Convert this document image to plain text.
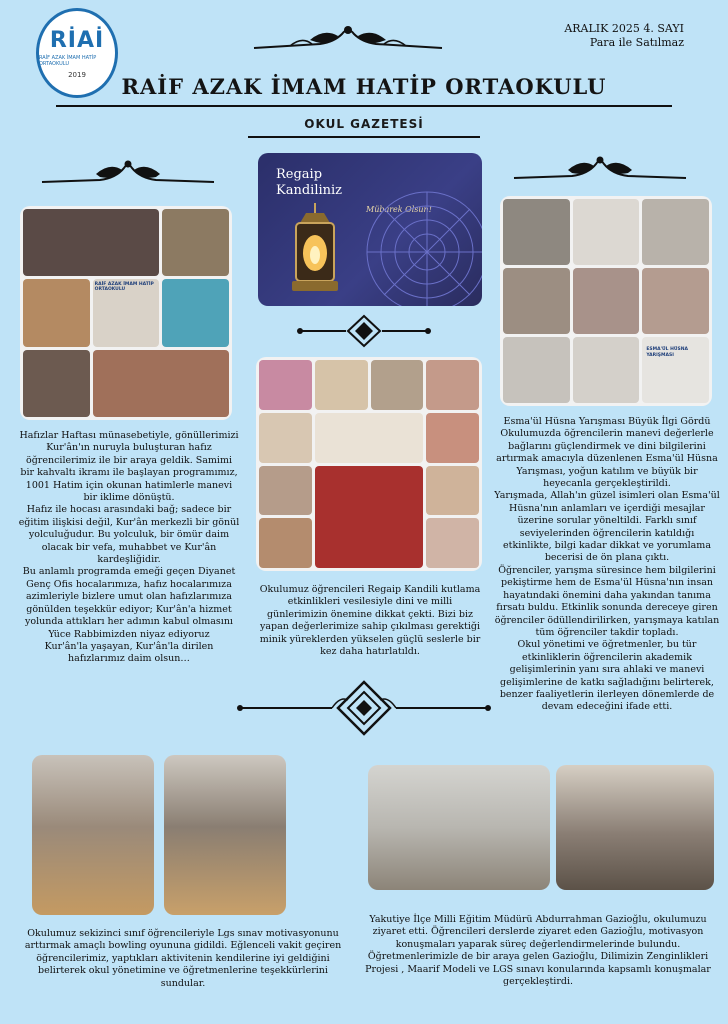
RİAİ
RAİF AZAK İMAM HATİP ORTAOKULU
2019
ARALIK 2025 4. SAYI
Para ile Satılmaz
RAİF AZAK İMAM HATİP ORTAOKULU
OKUL GAZETESİ
RAİF AZAK İMAM HATİP ORTAOKULU
Regaip
Kandiliniz
Mübarek Olsun!
ESMA'ÜL HÜSNA YARIŞMASI

Hafızlar Haftası münasebetiyle, gönüllerimizi Kur'ân'ın nuruyla buluşturan hafız öğrencilerimiz ile bir araya geldik. Samimi bir kahvaltı ikramı ile başlayan programımız, 1001 Hatim için okunan hatimlerle manevi bir iklime dönüştü.

Hafız ile hocası arasındaki bağ; sadece bir eğitim ilişkisi değil, Kur'ân merkezli bir gönül yolculuğudur. Bu yolculuk, bir ömür daim olacak bir vefa, muhabbet ve Kur'ân kardeşliğidir.

Bu anlamlı programda emeği geçen Diyanet Genç Ofis hocalarımıza, hafız hocalarımıza azimleriyle bizlere umut olan hafızlarımıza gönülden teşekkür ediyor; Kur'ân'a hizmet yolunda attıkları her adımın kabul olmasını Yüce Rabbimizden niyaz ediyoruz

Kur'ân'la yaşayan, Kur'ân'la dirilen hafızlarımız daim olsun…

Okulumuz öğrencileri Regaip Kandili kutlama etkinlikleri vesilesiyle dini ve milli günlerimizin önemine dikkat çekti. Bizi biz yapan değerlerimize sahip çıkılması gerektiği minik yüreklerden yükselen güçlü seslerle bir kez daha hatırlatıldı.

Esma'ül Hüsna Yarışması Büyük İlgi Gördü

Okulumuzda öğrencilerin manevi değerlerle bağlarını güçlendirmek ve dini bilgilerini artırmak amacıyla düzenlenen Esma'ül Hüsna Yarışması, yoğun katılım ve büyük bir heyecanla gerçekleştirildi.

Yarışmada, Allah'ın güzel isimleri olan Esma'ül Hüsna'nın anlamları ve içerdiği mesajlar üzerine sorular yöneltildi. Farklı sınıf seviyelerinden öğrencilerin katıldığı etkinlikte, bilgi kadar dikkat ve yorumlama becerisi de ön plana çıktı.

Öğrenciler, yarışma süresince hem bilgilerini pekiştirme hem de Esma'ül Hüsna'nın insan hayatındaki önemini daha yakından tanıma fırsatı buldu. Etkinlik sonunda dereceye giren öğrenciler ödüllendirilirken, yarışmaya katılan tüm öğrenciler takdir topladı.

Okul yönetimi ve öğretmenler, bu tür etkinliklerin öğrencilerin akademik gelişimlerinin yanı sıra ahlaki ve manevi gelişimlerine de katkı sağladığını belirterek, benzer faaliyetlerin ilerleyen dönemlerde de devam edeceğini ifade etti.

Okulumuz sekizinci sınıf öğrencileriyle Lgs sınav motivasyonunu arttırmak amaçlı bowling oyununa gidildi. Eğlenceli vakit geçiren öğrencilerimiz, yaptıkları aktivitenin kendilerine iyi geldiğini belirterek okul yönetimine ve öğretmenlerine teşekkürlerini sundular.

Yakutiye İlçe Milli Eğitim Müdürü Abdurrahman Gazioğlu, okulumuzu ziyaret etti. Öğrencileri derslerde ziyaret eden Gazioğlu, motivasyon konuşmaları yaparak süreç değerlendirmelerinde bulundu. Öğretmenlerimizle de bir araya gelen Gazioğlu, Dilimizin Zenginlikleri Projesi , Maarif Modeli ve LGS sınavı konularında kapsamlı konuşmalar gerçekleştirdi.
